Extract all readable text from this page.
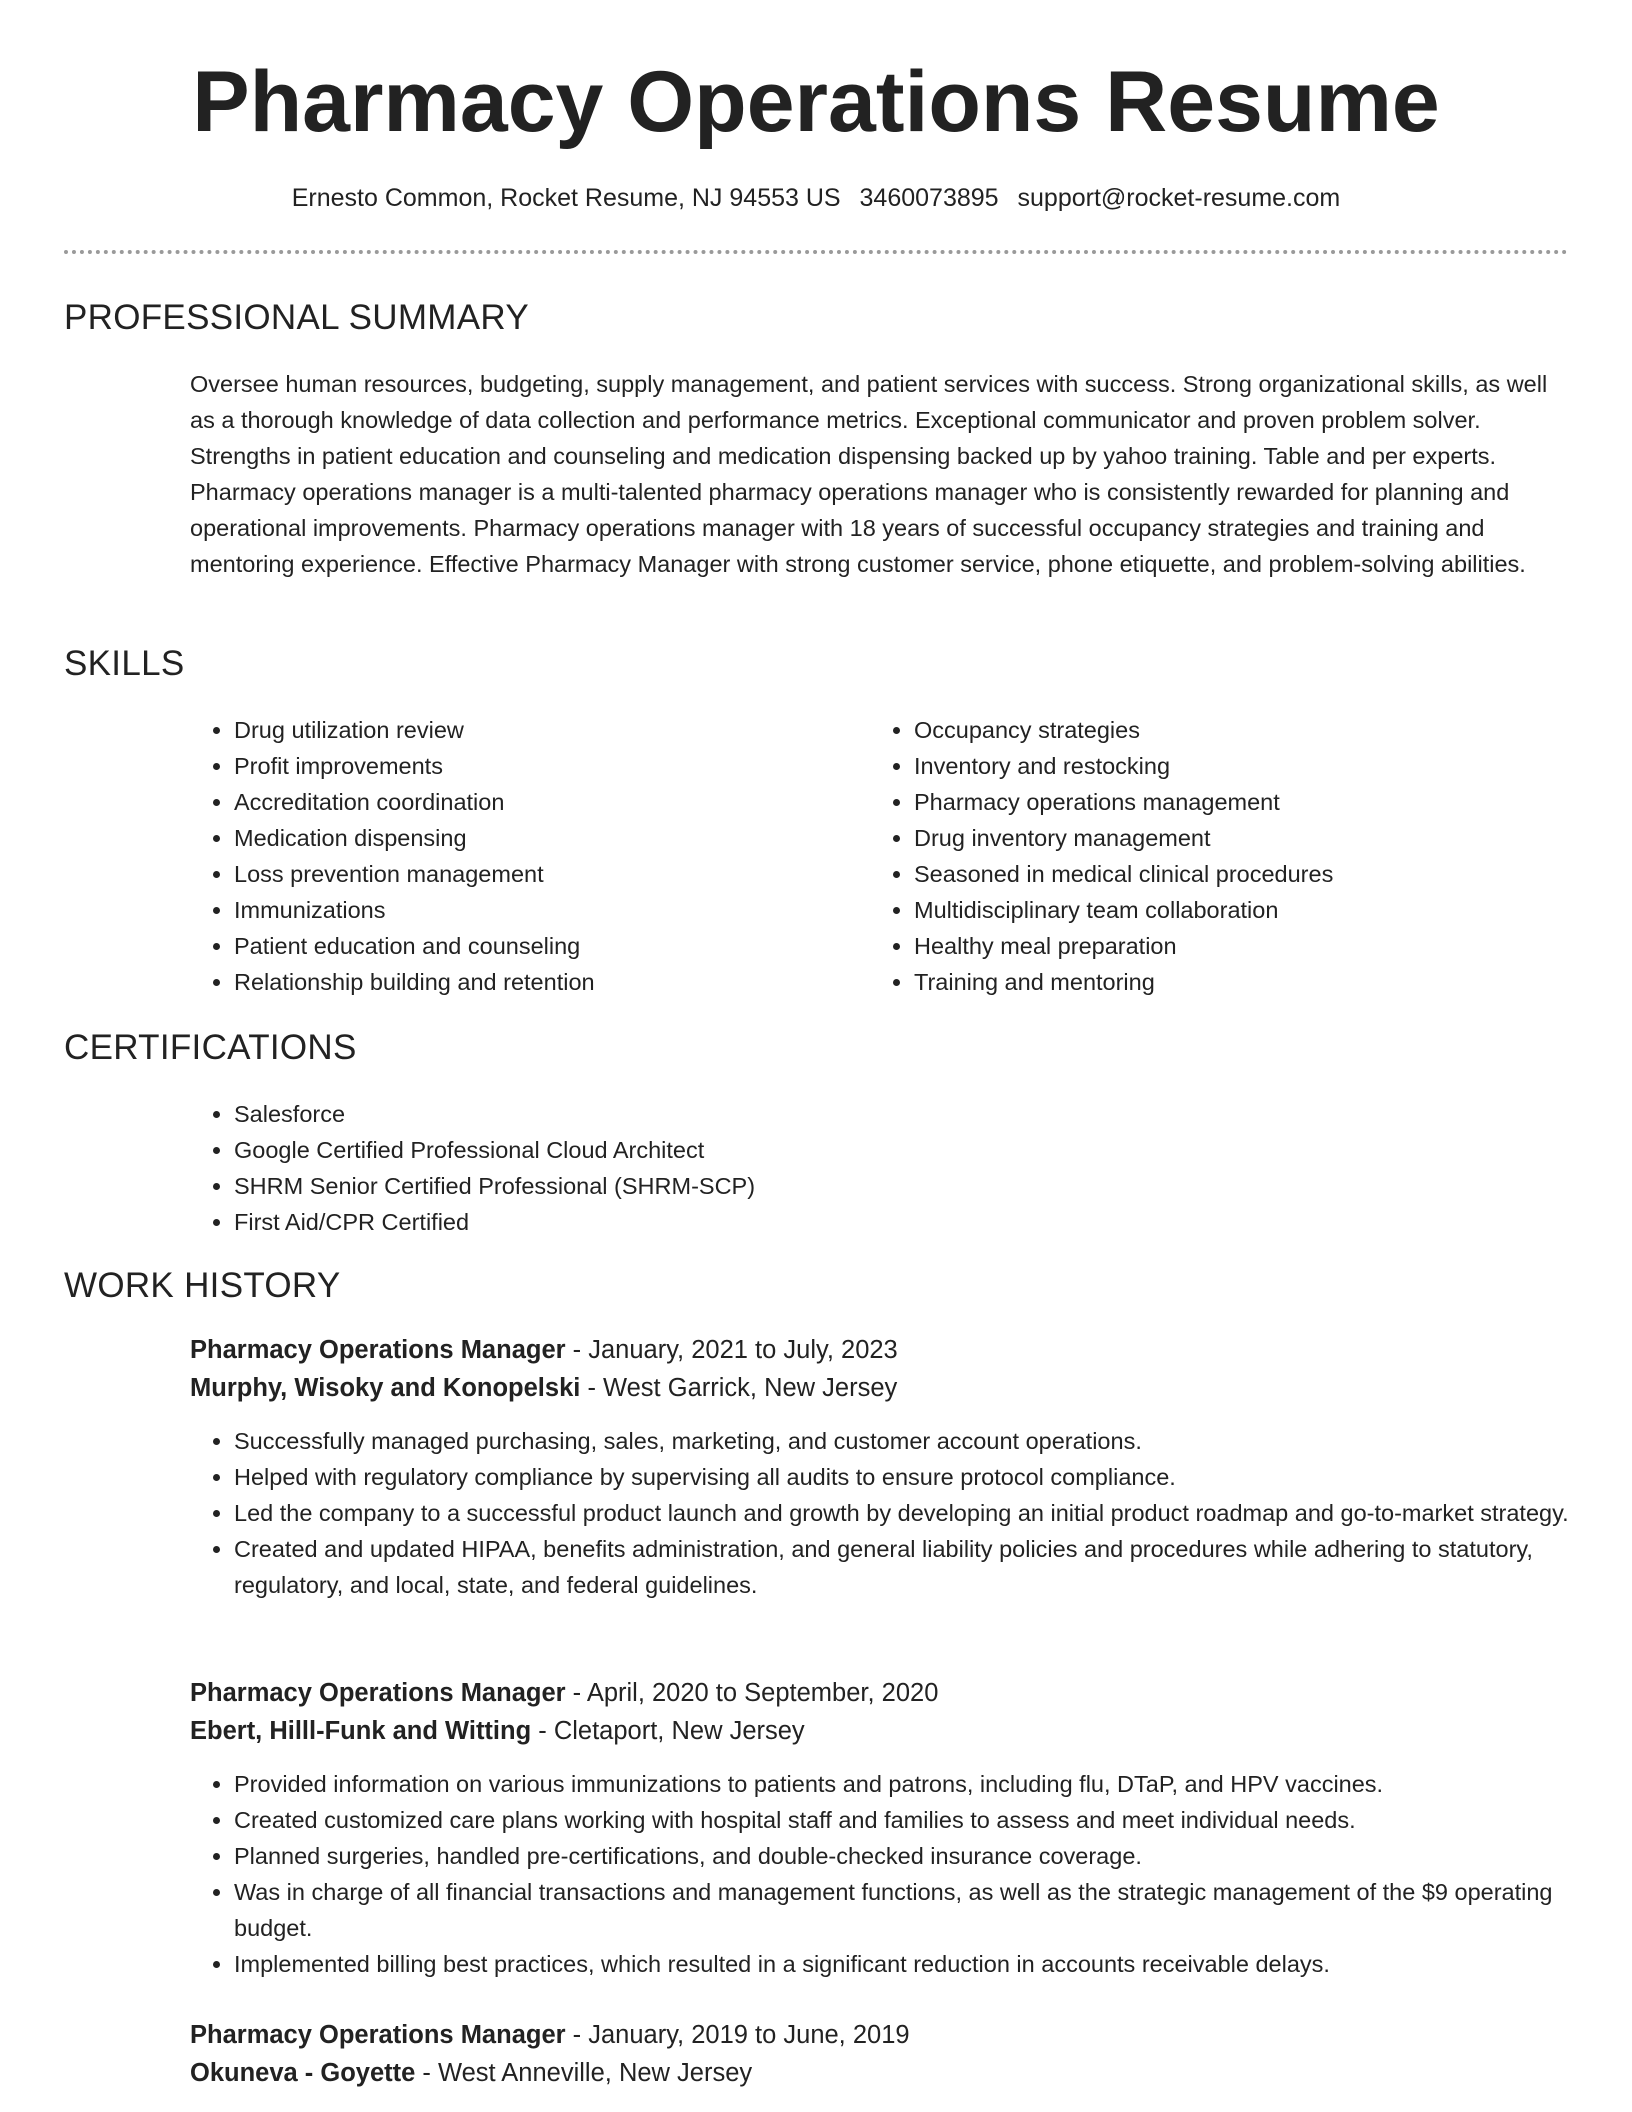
Pharmacy Operations Resume
Ernesto Common, Rocket Resume, NJ 94553 US 3460073895 support@rocket-resume.com
PROFESSIONAL SUMMARY

Oversee human resources, budgeting, supply management, and patient services with success. Strong organizational skills, as well as a thorough knowledge of data collection and performance metrics. Exceptional communicator and proven problem solver. Strengths in patient education and counseling and medication dispensing backed up by yahoo training. Table and per experts. Pharmacy operations manager is a multi-talented pharmacy operations manager who is consistently rewarded for planning and operational improvements. Pharmacy operations manager with 18 years of successful occupancy strategies and training and mentoring experience. Effective Pharmacy Manager with strong customer service, phone etiquette, and problem-solving abilities.

SKILLS
• Drug utilization review
• Profit improvements
• Accreditation coordination
• Medication dispensing
• Loss prevention management
• Immunizations
• Patient education and counseling
• Relationship building and retention
• Occupancy strategies
• Inventory and restocking
• Pharmacy operations management
• Drug inventory management
• Seasoned in medical clinical procedures
• Multidisciplinary team collaboration
• Healthy meal preparation
• Training and mentoring
CERTIFICATIONS
• Salesforce
• Google Certified Professional Cloud Architect
• SHRM Senior Certified Professional (SHRM-SCP)
• First Aid/CPR Certified
WORK HISTORY

Pharmacy Operations Manager - January, 2021 to July, 2023

Murphy, Wisoky and Konopelski - West Garrick, New Jersey

• Successfully managed purchasing, sales, marketing, and customer account operations.
• Helped with regulatory compliance by supervising all audits to ensure protocol compliance.
• Led the company to a successful product launch and growth by developing an initial product roadmap and go-to-market strategy.
• Created and updated HIPAA, benefits administration, and general liability policies and procedures while adhering to statutory, regulatory, and local, state, and federal guidelines.

Pharmacy Operations Manager - April, 2020 to September, 2020

Ebert, Hilll-Funk and Witting - Cletaport, New Jersey

• Provided information on various immunizations to patients and patrons, including flu, DTaP, and HPV vaccines.
• Created customized care plans working with hospital staff and families to assess and meet individual needs.
• Planned surgeries, handled pre-certifications, and double-checked insurance coverage.
• Was in charge of all financial transactions and management functions, as well as the strategic management of the $9 operating budget.
• Implemented billing best practices, which resulted in a significant reduction in accounts receivable delays.

Pharmacy Operations Manager - January, 2019 to June, 2019

Okuneva - Goyette - West Anneville, New Jersey
